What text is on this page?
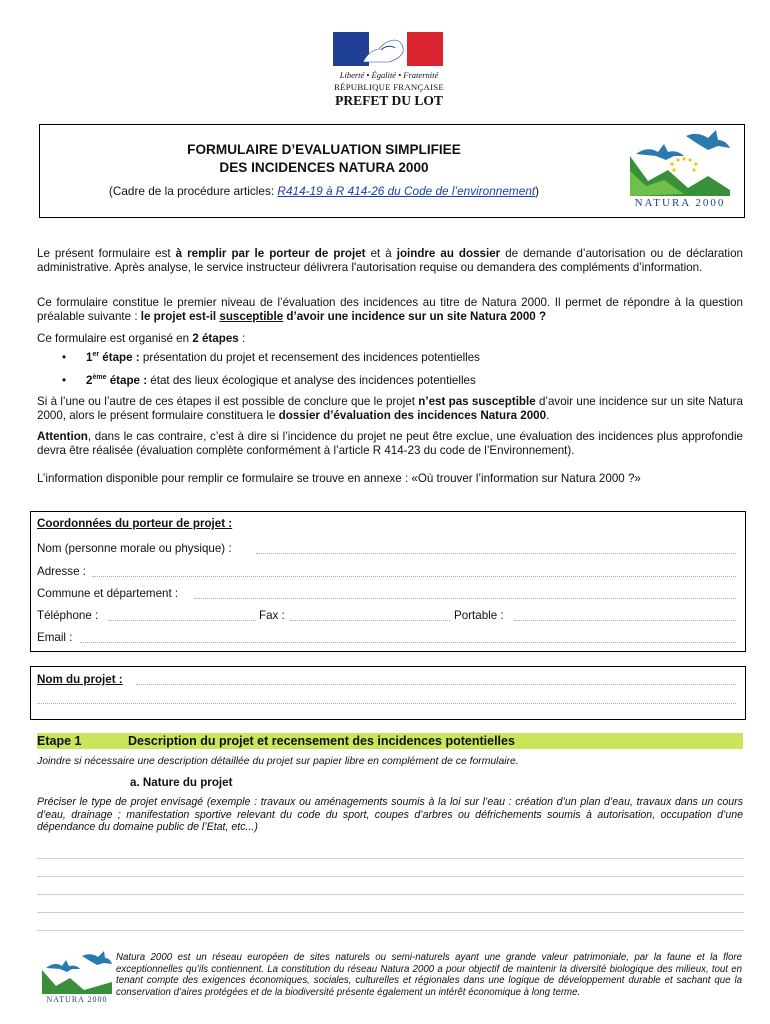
Liberté • Égalité • Fraternité
RÉPUBLIQUE FRANÇAISE
PREFET DU LOT
FORMULAIRE D’EVALUATION SIMPLIFIEE
DES INCIDENCES NATURA 2000
(Cadre de la procédure articles: R414-19 à R 414-26 du Code de l’environnement)
NATURA 2000
Le présent formulaire est à remplir par le porteur de projet et à joindre au dossier de demande d’autorisation ou de déclaration administrative. Après analyse, le service instructeur délivrera l'autorisation requise ou demandera des compléments d’information.
Ce formulaire constitue le premier niveau de l’évaluation des incidences au titre de Natura 2000. Il permet de répondre à la question préalable suivante : le projet est-il susceptible d’avoir une incidence sur un site Natura 2000 ?
Ce formulaire est organisé en 2 étapes :
• 1er étape : présentation du projet et recensement des incidences potentielles
• 2ème étape : état des lieux écologique et analyse des incidences potentielles
Si à l’une ou l’autre de ces étapes il est possible de conclure que le projet n’est pas susceptible d’avoir une incidence sur un site Natura 2000, alors le présent formulaire constituera le dossier d’évaluation des incidences Natura 2000.
Attention, dans le cas contraire, c’est à dire si l’incidence du projet ne peut être exclue, une évaluation des incidences plus approfondie devra être réalisée (évaluation complète conformément à l’article R 414-23 du code de l’Environnement).
L’information disponible pour remplir ce formulaire se trouve en annexe : «Où trouver l’information sur Natura 2000 ?»
Coordonnées du porteur de projet :
Nom (personne morale ou physique) :
Adresse :
Commune et département :
Téléphone :	Fax :	Portable :
Email :
Nom du projet :
Etape 1	Description du projet et recensement des incidences potentielles
Joindre si nécessaire une description détaillée du projet sur papier libre en complément de ce formulaire.
a. Nature du projet
Préciser le type de projet envisagé (exemple : travaux ou aménagements soumis à la loi sur l’eau : création d’un plan d’eau, travaux dans un cours d’eau, drainage ; manifestation sportive relevant du code du sport, coupes d’arbres ou défrichements soumis à autorisation, occupation d’une dépendance du domaine public de l’Etat, etc...)
NATURA 2000
Natura 2000 est un réseau européen de sites naturels ou semi-naturels ayant une grande valeur patrimoniale, par la faune et la flore exceptionnelles qu’ils contiennent. La constitution du réseau Natura 2000 a pour objectif de maintenir la diversité biologique des milieux, tout en tenant compte des exigences économiques, sociales, culturelles et régionales dans une logique de développement durable et sachant que la conservation d’aires protégées et de la biodiversité présente également un intérêt économique à long terme.
